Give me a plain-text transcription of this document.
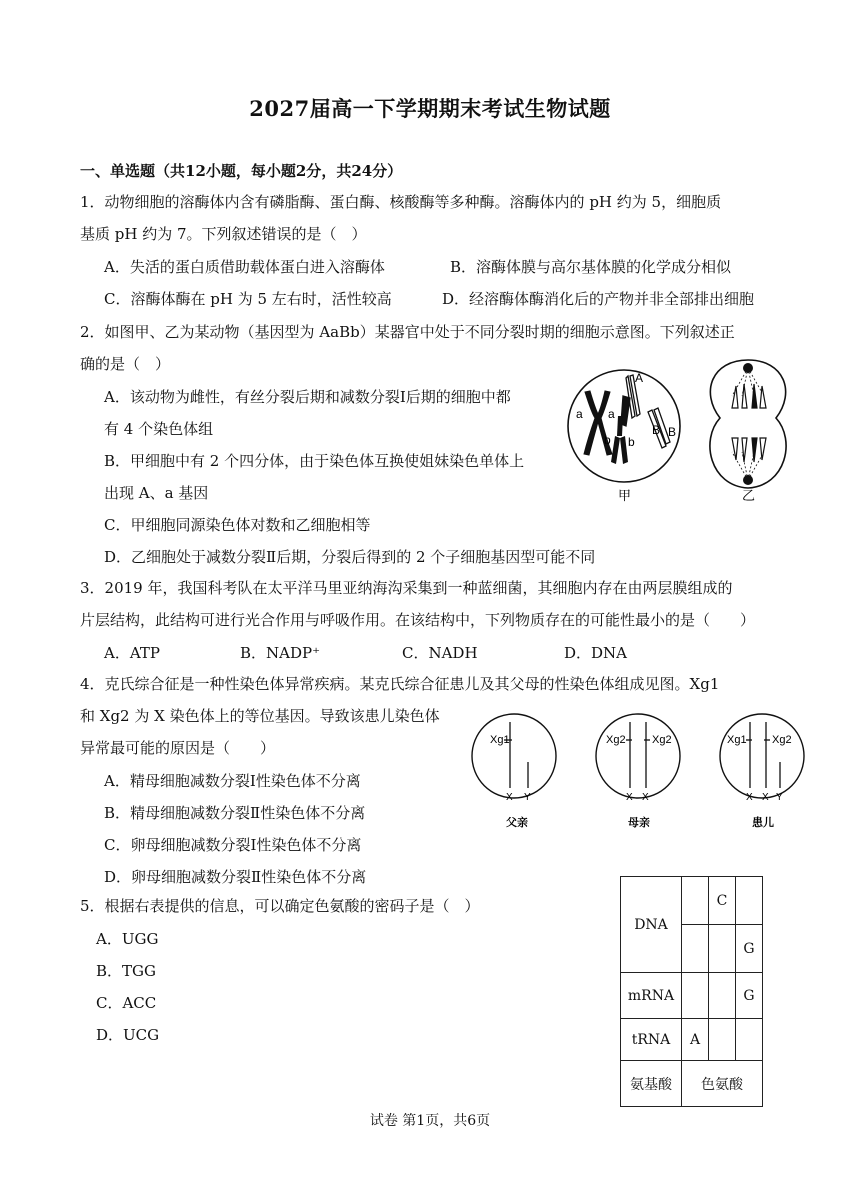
2027届高一下学期期末考试生物试题
一、单选题（共12小题，每小题2分，共24分）
1．动物细胞的溶酶体内含有磷脂酶、蛋白酶、核酸酶等多种酶。溶酶体内的 pH 约为 5，细胞质
基质 pH 约为 7。下列叙述错误的是（　）
A．失活的蛋白质借助载体蛋白进入溶酶体	B．溶酶体膜与高尔基体膜的化学成分相似
C．溶酶体酶在 pH 为 5 左右时，活性较高	D．经溶酶体酶消化后的产物并非全部排出细胞
2．如图甲、乙为某动物（基因型为 AaBb）某器官中处于不同分裂时期的细胞示意图。下列叙述正
确的是（　）
A．该动物为雌性，有丝分裂后期和减数分裂Ⅰ后期的细胞中都
有 4 个染色体组
B．甲细胞中有 2 个四分体，由于染色体互换使姐妹染色单体上
出现 A、a 基因
C．甲细胞同源染色体对数和乙细胞相等
D．乙细胞处于减数分裂Ⅱ后期，分裂后得到的 2 个子细胞基因型可能不同
A
a a
B B
b b
甲	乙
3．2019 年，我国科考队在太平洋马里亚纳海沟采集到一种蓝细菌，其细胞内存在由两层膜组成的
片层结构，此结构可进行光合作用与呼吸作用。在该结构中，下列物质存在的可能性最小的是（　　）
A．ATP	B．NADP⁺	C．NADH	D．DNA
4．克氏综合征是一种性染色体异常疾病。某克氏综合征患儿及其父母的性染色体组成见图。Xg1
和 Xg2 为 X 染色体上的等位基因。导致该患儿染色体
异常最可能的原因是（　　）
A．精母细胞减数分裂Ⅰ性染色体不分离
B．精母细胞减数分裂Ⅱ性染色体不分离
C．卵母细胞减数分裂Ⅰ性染色体不分离
D．卵母细胞减数分裂Ⅱ性染色体不分离
Xg1
X Y
父亲
Xg2 Xg2
X X
母亲
Xg1 Xg2
X X Y
患儿
5．根据右表提供的信息，可以确定色氨酸的密码子是（　）
A．UGG
B．TGG
C．ACC
D．UCG
DNA		C	
			G
mRNA			G
tRNA	A		
氨基酸	色氨酸		
试卷 第1页，共6页
